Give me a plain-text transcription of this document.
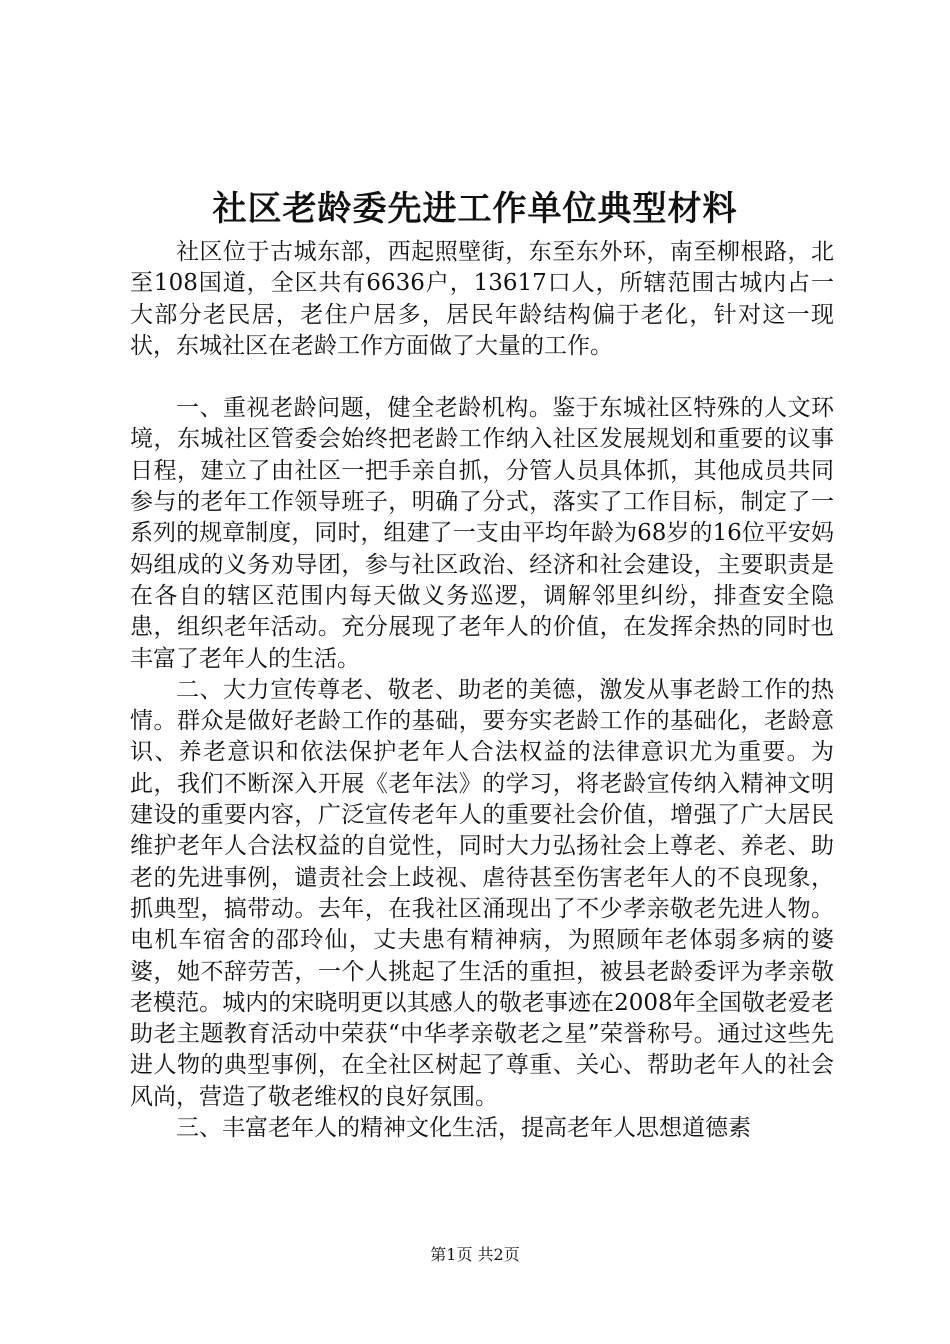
社区老龄委先进工作单位典型材料

社区位于古城东部，西起照壁街，东至东外环，南至柳根路，北至108国道，全区共有6636户，13617口人，所辖范围古城内占一大部分老民居，老住户居多，居民年龄结构偏于老化，针对这一现状，东城社区在老龄工作方面做了大量的工作。

一、重视老龄问题，健全老龄机构。鉴于东城社区特殊的人文环境，东城社区管委会始终把老龄工作纳入社区发展规划和重要的议事日程，建立了由社区一把手亲自抓，分管人员具体抓，其他成员共同参与的老年工作领导班子，明确了分式，落实了工作目标，制定了一系列的规章制度，同时，组建了一支由平均年龄为68岁的16位平安妈妈组成的义务劝导团，参与社区政治、经济和社会建设，主要职责是在各自的辖区范围内每天做义务巡逻，调解邻里纠纷，排查安全隐患，组织老年活动。充分展现了老年人的价值，在发挥余热的同时也丰富了老年人的生活。

二、大力宣传尊老、敬老、助老的美德，激发从事老龄工作的热情。群众是做好老龄工作的基础，要夯实老龄工作的基础化，老龄意识、养老意识和依法保护老年人合法权益的法律意识尤为重要。为此，我们不断深入开展《老年法》的学习，将老龄宣传纳入精神文明建设的重要内容，广泛宣传老年人的重要社会价值，增强了广大居民维护老年人合法权益的自觉性，同时大力弘扬社会上尊老、养老、助老的先进事例，谴责社会上歧视、虐待甚至伤害老年人的不良现象，抓典型，搞带动。去年，在我社区涌现出了不少孝亲敬老先进人物。电机车宿舍的邵玲仙，丈夫患有精神病，为照顾年老体弱多病的婆婆，她不辞劳苦，一个人挑起了生活的重担，被县老龄委评为孝亲敬老模范。城内的宋晓明更以其感人的敬老事迹在2008年全国敬老爱老助老主题教育活动中荣获“中华孝亲敬老之星”荣誉称号。通过这些先进人物的典型事例，在全社区树起了尊重、关心、帮助老年人的社会风尚，营造了敬老维权的良好氛围。

三、丰富老年人的精神文化生活，提高老年人思想道德素

第1页 共2页
